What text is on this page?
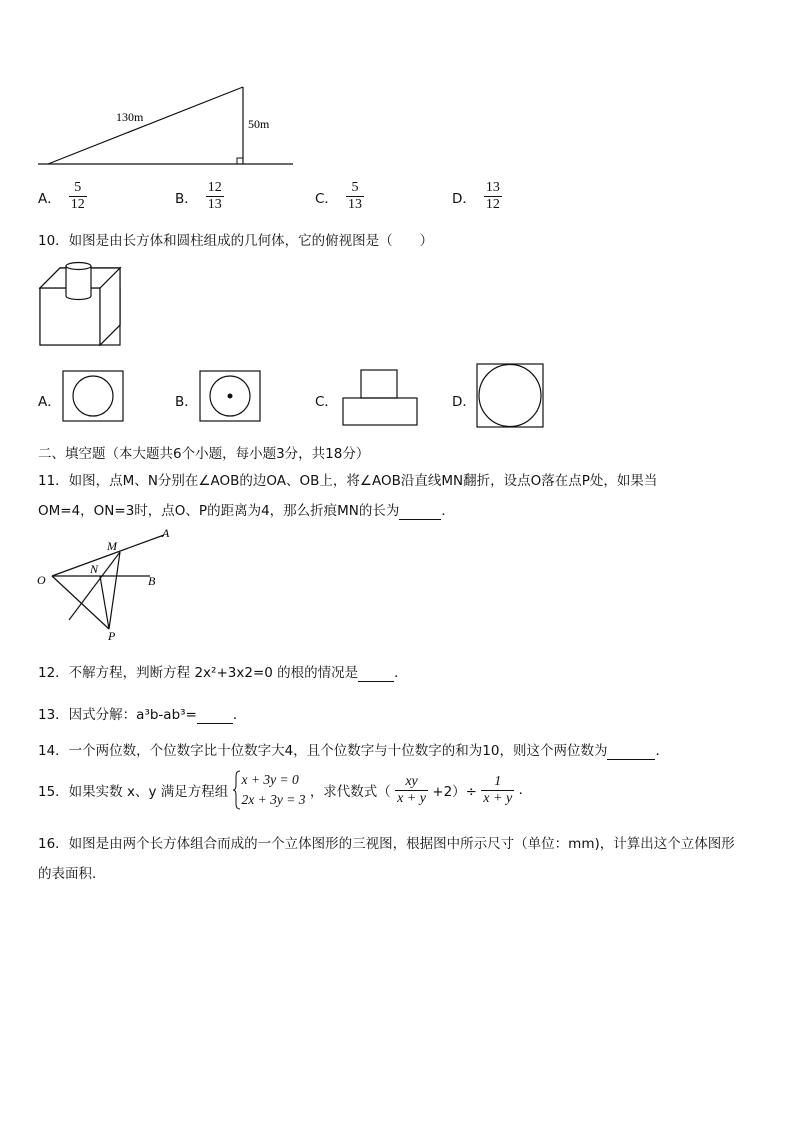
130m	50m
A． $\frac{5}{12}$	B． $\frac{12}{13}$	C． $\frac{5}{13}$	D． $\frac{13}{12}$
10．如图是由长方体和圆柱组成的几何体，它的俯视图是（　　）
A．	B．	C．	D．
二、填空题（本大题共6个小题，每小题3分，共18分）
11．如图，点M、N分别在∠AOB的边OA、OB上，将∠AOB沿直线MN翻折，设点O落在点P处，如果当
OM=4，ON=3时，点O、P的距离为4，那么折痕MN的长为	．
A
M
N
O	B
P
12．不解方程，判断方程 2x²+3x2=0 的根的情况是	．
13．因式分解：a³b-ab³=	．
14．一个两位数，个位数字比十位数字大4，且个位数字与十位数字的和为10，则这个两位数为	．
15．如果实数 x、y 满足方程组
x + 3y = 0
2x + 3y = 3 ，求代数式（ $\frac{xy}{x + y} +2)\div \frac{1}{x + y}$ .
16．如图是由两个长方体组合而成的一个立体图形的三视图，根据图中所示尺寸（单位：mm)，计算出这个立体图形
的表面积．
